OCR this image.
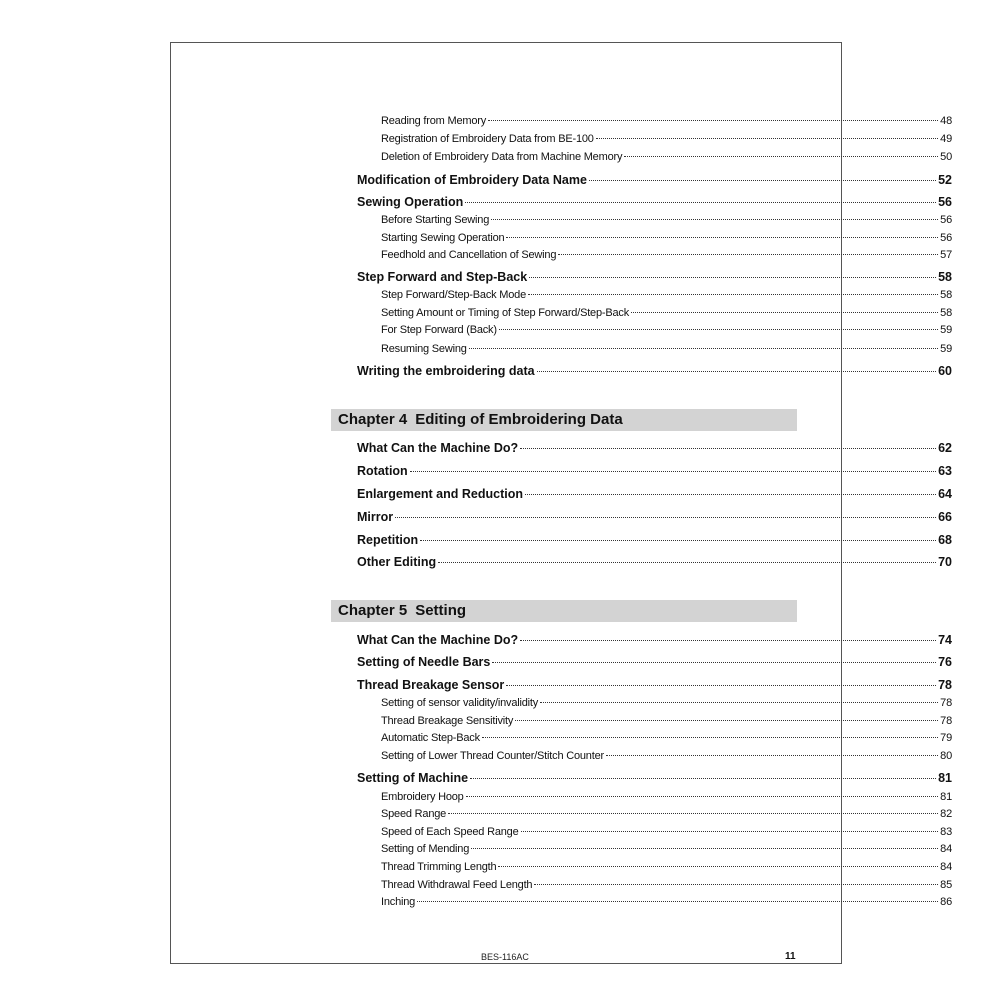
Reading from Memory	48
Registration of Embroidery Data from BE-100	49
Deletion of Embroidery Data from Machine Memory	50
Modification of Embroidery Data Name	52
Sewing Operation	56
Before Starting Sewing	56
Starting Sewing Operation	56
Feedhold and Cancellation of Sewing	57
Step Forward and Step-Back	58
Step Forward/Step-Back Mode	58
Setting Amount or Timing of Step Forward/Step-Back	58
For Step Forward (Back)	59
Resuming Sewing	59
Writing the embroidering data	60
Chapter 4 Editing of Embroidering Data
What Can the Machine Do?	62
Rotation	63
Enlargement and Reduction	64
Mirror	66
Repetition	68
Other Editing	70
Chapter 5 Setting
What Can the Machine Do?	74
Setting of Needle Bars	76
Thread Breakage Sensor	78
Setting of sensor validity/invalidity	78
Thread Breakage Sensitivity	78
Automatic Step-Back	79
Setting of Lower Thread Counter/Stitch Counter	80
Setting of Machine	81
Embroidery Hoop	81
Speed Range	82
Speed of Each Speed Range	83
Setting of Mending	84
Thread Trimming Length	84
Thread Withdrawal Feed Length	85
Inching	86
BES-116AC	11
